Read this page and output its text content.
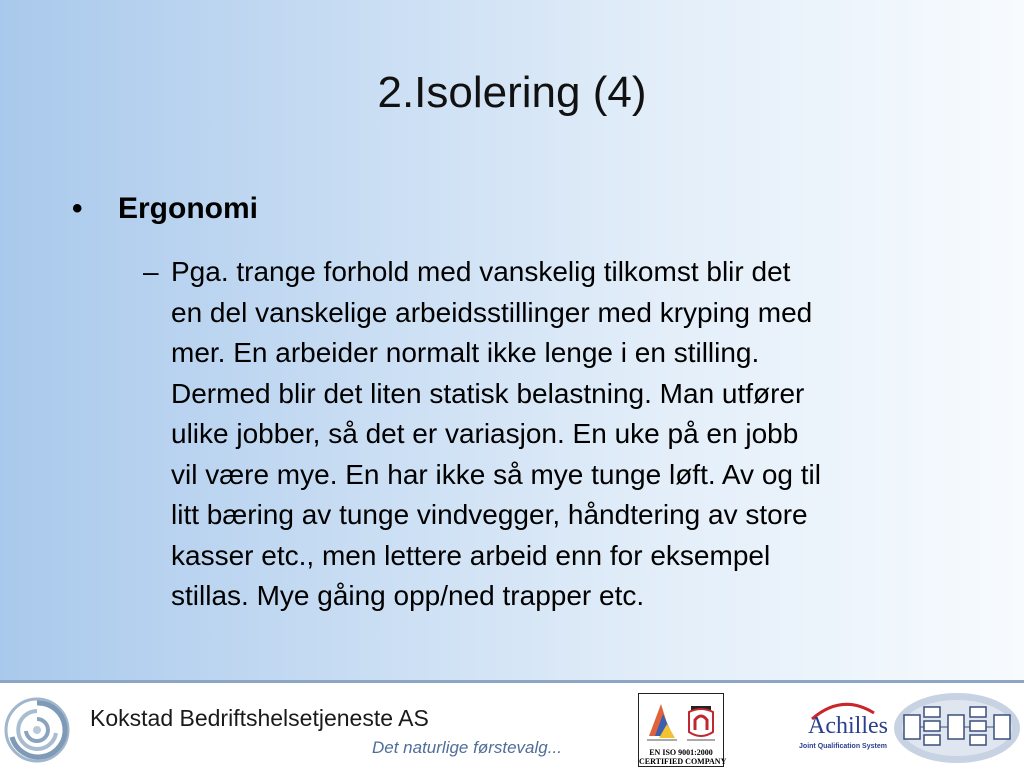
2.Isolering (4)
• Ergonomi
– Pga. trange forhold med vanskelig tilkomst blir det
en del vanskelige arbeidsstillinger med kryping med
mer. En arbeider normalt ikke lenge i en stilling.
Dermed blir det liten statisk belastning. Man utfører
ulike jobber, så det er variasjon. En uke på en jobb
vil være mye. En har ikke så mye tunge løft. Av og til
litt bæring av tunge vindvegger, håndtering av store
kasser etc., men lettere arbeid enn for eksempel
stillas. Mye gåing opp/ned trapper etc.
Kokstad Bedriftshelsetjeneste AS
Det naturlige førstevalg...	EN ISO 9001:2000
CERTIFIED COMPANY
Achilles
Joint Qualification System
